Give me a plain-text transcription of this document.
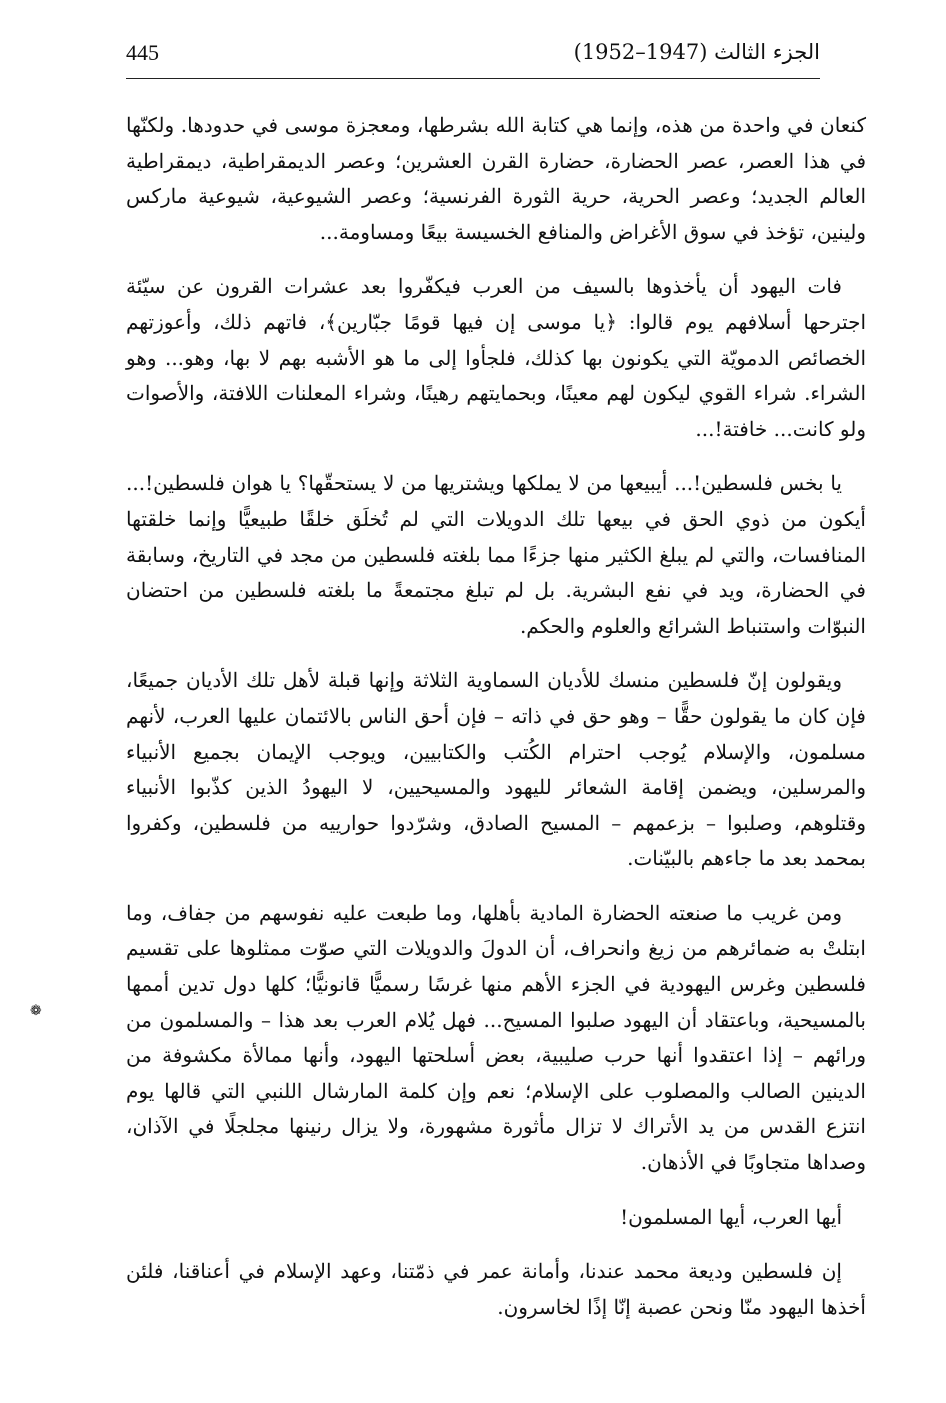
445	الجزء الثالث (1947–1952)

كنعان في واحدة من هذه، وإنما هي كتابة الله بشرطها، ومعجزة موسى في حدودها. ولكنّها في هذا العصر، عصر الحضارة، حضارة القرن العشرين؛ وعصر الديمقراطية، ديمقراطية العالم الجديد؛ وعصر الحرية، حرية الثورة الفرنسية؛ وعصر الشيوعية، شيوعية ماركس ولينين، تؤخذ في سوق الأغراض والمنافع الخسيسة بيعًا ومساومة...

فات اليهود أن يأخذوها بالسيف من العرب فيكفّروا بعد عشرات القرون عن سيّئة اجترحها أسلافهم يوم قالوا: ﴿يا موسى إن فيها قومًا جبّارين﴾، فاتهم ذلك، وأعوزتهم الخصائص الدمويّة التي يكونون بها كذلك، فلجأوا إلى ما هو الأشبه بهم لا بها، وهو... وهو الشراء. شراء القوي ليكون لهم معينًا، وبحمايتهم رهينًا، وشراء المعلنات اللافتة، والأصوات ولو كانت... خافتة!...

يا بخس فلسطين!... أيبيعها من لا يملكها ويشتريها من لا يستحقّها؟ يا هوان فلسطين!... أيكون من ذوي الحق في بيعها تلك الدويلات التي لم تُخلَق خلقًا طبيعيًّا وإنما خلقتها المنافسات، والتي لم يبلغ الكثير منها جزءًا مما بلغته فلسطين من مجد في التاريخ، وسابقة في الحضارة، ويد في نفع البشرية. بل لم تبلغ مجتمعةً ما بلغته فلسطين من احتضان النبوّات واستنباط الشرائع والعلوم والحكم.

ويقولون إنّ فلسطين منسك للأديان السماوية الثلاثة وإنها قبلة لأهل تلك الأديان جميعًا، فإن كان ما يقولون حقًّا – وهو حق في ذاته – فإن أحق الناس بالائتمان عليها العرب، لأنهم مسلمون، والإسلام يُوجب احترام الكُتب والكتابيين، ويوجب الإيمان بجميع الأنبياء والمرسلين، ويضمن إقامة الشعائر لليهود والمسيحيين، لا اليهودُ الذين كذّبوا الأنبياء وقتلوهم، وصلبوا – بزعمهم – المسيح الصادق، وشرّدوا حوارييه من فلسطين، وكفروا بمحمد بعد ما جاءهم بالبيّنات.

ومن غريب ما صنعته الحضارة المادية بأهلها، وما طبعت عليه نفوسهم من جفاف، وما ابتلتْ به ضمائرهم من زيغ وانحراف، أن الدولَ والدويلات التي صوّت ممثلوها على تقسيم فلسطين وغرس اليهودية في الجزء الأهم منها غرسًا رسميًّا قانونيًّا؛ كلها دول تدين أممها بالمسيحية، وباعتقاد أن اليهود صلبوا المسيح... فهل يُلام العرب بعد هذا – والمسلمون من ورائهم – إذا اعتقدوا أنها حرب صليبية، بعض أسلحتها اليهود، وأنها ممالأة مكشوفة من الدينين الصالب والمصلوب على الإسلام؛ نعم وإن كلمة المارشال اللنبي التي قالها يوم انتزع القدس من يد الأتراك لا تزال مأثورة مشهورة، ولا يزال رنينها مجلجلًا في الآذان، وصداها متجاوبًا في الأذهان.

أيها العرب، أيها المسلمون!

إن فلسطين وديعة محمد عندنا، وأمانة عمر في ذمّتنا، وعهد الإسلام في أعناقنا، فلئن أخذها اليهود منّا ونحن عصبة إنّا إذًا لخاسرون.

❁
